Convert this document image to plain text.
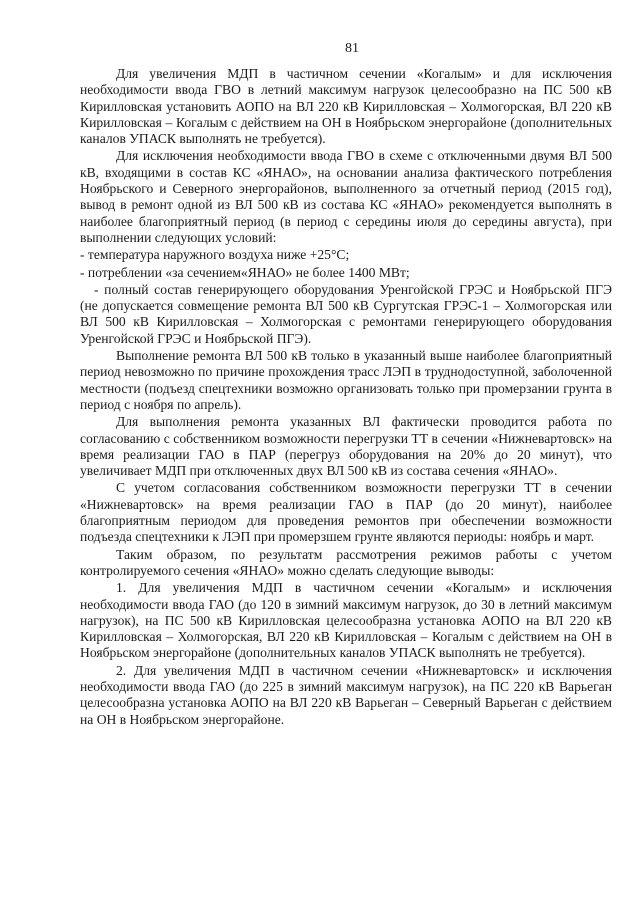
81

Для увеличения МДП в частичном сечении «Когалым» и для исключения необходимости ввода ГВО в летний максимум нагрузок целесообразно на ПС 500 кВ Кирилловская установить АОПО на ВЛ 220 кВ Кирилловская – Холмогорская, ВЛ 220 кВ Кирилловская – Когалым с действием на ОН в Ноябрьском энергорайоне (дополнительных каналов УПАСК выполнять не требуется).

Для исключения необходимости ввода ГВО в схеме с отключенными двумя ВЛ 500 кВ, входящими в состав КС «ЯНАО», на основании анализа фактического потребления Ноябрьского и Северного энергорайонов, выполненного за отчетный период (2015 год), вывод в ремонт одной из ВЛ 500 кВ из состава КС «ЯНАО» рекомендуется выполнять в наиболее благоприятный период (в период с середины июля до середины августа), при выполнении следующих условий:

- температура наружного воздуха ниже +25°С;

- потреблении «за сечением«ЯНАО» не более 1400 МВт;

- полный состав генерирующего оборудования Уренгойской ГРЭС и Ноябрьской ПГЭ (не допускается совмещение ремонта ВЛ 500 кВ Сургутская ГРЭС-1 – Холмогорская или ВЛ 500 кВ Кирилловская – Холмогорская с ремонтами генерирующего оборудования Уренгойской ГРЭС и Ноябрьской ПГЭ).

Выполнение ремонта ВЛ 500 кВ только в указанный выше наиболее благоприятный период невозможно по причине прохождения трасс ЛЭП в труднодоступной, заболоченной местности (подъезд спецтехники возможно организовать только при промерзании грунта в период с ноября по апрель).

Для выполнения ремонта указанных ВЛ фактически проводится работа по согласованию с собственником возможности перегрузки ТТ в сечении «Нижневартовск» на время реализации ГАО в ПАР (перегруз оборудования на 20% до 20 минут), что увеличивает МДП при отключенных двух ВЛ 500 кВ из состава сечения «ЯНАО».

С учетом согласования собственником возможности перегрузки ТТ в сечении «Нижневартовск» на время реализации ГАО в ПАР (до 20 минут), наиболее благоприятным периодом для проведения ремонтов при обеспечении возможности подъезда спецтехники к ЛЭП при промерзшем грунте являются периоды: ноябрь и март.

Таким образом, по результатм рассмотрения режимов работы с учетом контролируемого сечения «ЯНАО» можно сделать следующие выводы:

1. Для увеличения МДП в частичном сечении «Когалым» и исключения необходимости ввода ГАО (до 120 в зимний максимум нагрузок, до 30 в летний максимум нагрузок), на ПС 500 кВ Кирилловская целесообразна установка АОПО на ВЛ 220 кВ Кирилловская – Холмогорская, ВЛ 220 кВ Кирилловская – Когалым с действием на ОН в Ноябрьском энергорайоне (дополнительных каналов УПАСК выполнять не требуется).

2. Для увеличения МДП в частичном сечении «Нижневартовск» и исключения необходимости ввода ГАО (до 225 в зимний максимум нагрузок), на ПС 220 кВ Варьеган целесообразна установка АОПО на ВЛ 220 кВ Варьеган – Северный Варьеган с действием на ОН в Ноябрьском энергорайоне.
